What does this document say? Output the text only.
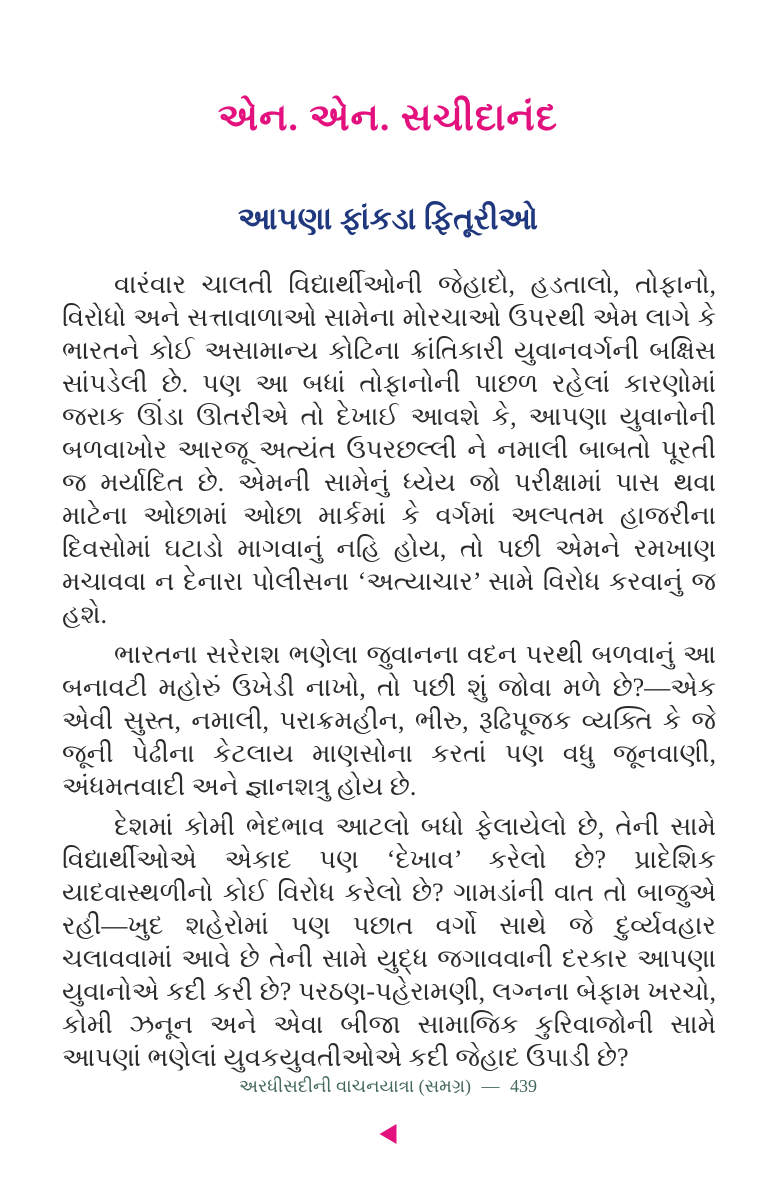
એન. એન. સચીદાનંદ
આપણા ફાંકડા ફિતૂરીઓ

વારંવાર ચાલતી વિદ્યાર્થીઓની જેહાદો, હડતાલો, તોફાનો, વિરોધો અને સત્તાવાળાઓ સામેના મોરચાઓ ઉપરથી એમ લાગે કે ભારતને કોઈ અસામાન્ય કોટિના ક્રાંતિકારી યુવાનવર્ગની બક્ષિસ સાંપડેલી છે. પણ આ બધાં તોફાનોની પાછળ રહેલાં કારણોમાં જરાક ઊંડા ઊતરીએ તો દેખાઈ આવશે કે, આપણા યુવાનોની બળવાખોર આરજૂ અત્યંત ઉપરછલ્લી ને નમાલી બાબતો પૂરતી જ મર્યાદિત છે. એમની સામેનું ધ્યેય જો પરીક્ષામાં પાસ થવા માટેના ઓછામાં ઓછા માર્કમાં કે વર્ગમાં અલ્પતમ હાજરીના દિવસોમાં ઘટાડો માગવાનું નહિ હોય, તો પછી એમને રમખાણ મચાવવા ન દેનારા પોલીસના ‘અત્યાચાર’ સામે વિરોધ કરવાનું જ હશે.

ભારતના સરેરાશ ભણેલા જુવાનના વદન પરથી બળવાનું આ બનાવટી મહોરું ઉખેડી નાખો, તો પછી શું જોવા મળે છે?—એક એવી સુસ્ત, નમાલી, પરાક્રમહીન, ભીરુ, રૂઢિપૂજક વ્યક્તિ કે જે જૂની પેઢીના કેટલાય માણસોના કરતાં પણ વધુ જૂનવાણી, અંધમતવાદી અને જ્ઞાનશત્રુ હોય છે.

દેશમાં કોમી ભેદભાવ આટલો બધો ફેલાયેલો છે, તેની સામે વિદ્યાર્થીઓએ એકાદ પણ ‘દેખાવ’ કરેલો છે? પ્રાદેશિક યાદવાસ્થળીનો કોઈ વિરોધ કરેલો છે? ગામડાંની વાત તો બાજુએ રહી—ખુદ શહેરોમાં પણ પછાત વર્ગો સાથે જે દુર્વ્યવહાર ચલાવવામાં આવે છે તેની સામે યુદ્ધ જગાવવાની દરકાર આપણા યુવાનોએ કદી કરી છે? પરઠણ-પહેરામણી, લગ્નના બેફામ ખરચો, કોમી ઝનૂન અને એવા બીજા સામાજિક કુરિવાજોની સામે આપણાં ભણેલાં યુવકયુવતીઓએ કદી જેહાદ ઉપાડી છે?

અરધીસદીની વાચનયાત્રા (સમગ્ર) — 439
